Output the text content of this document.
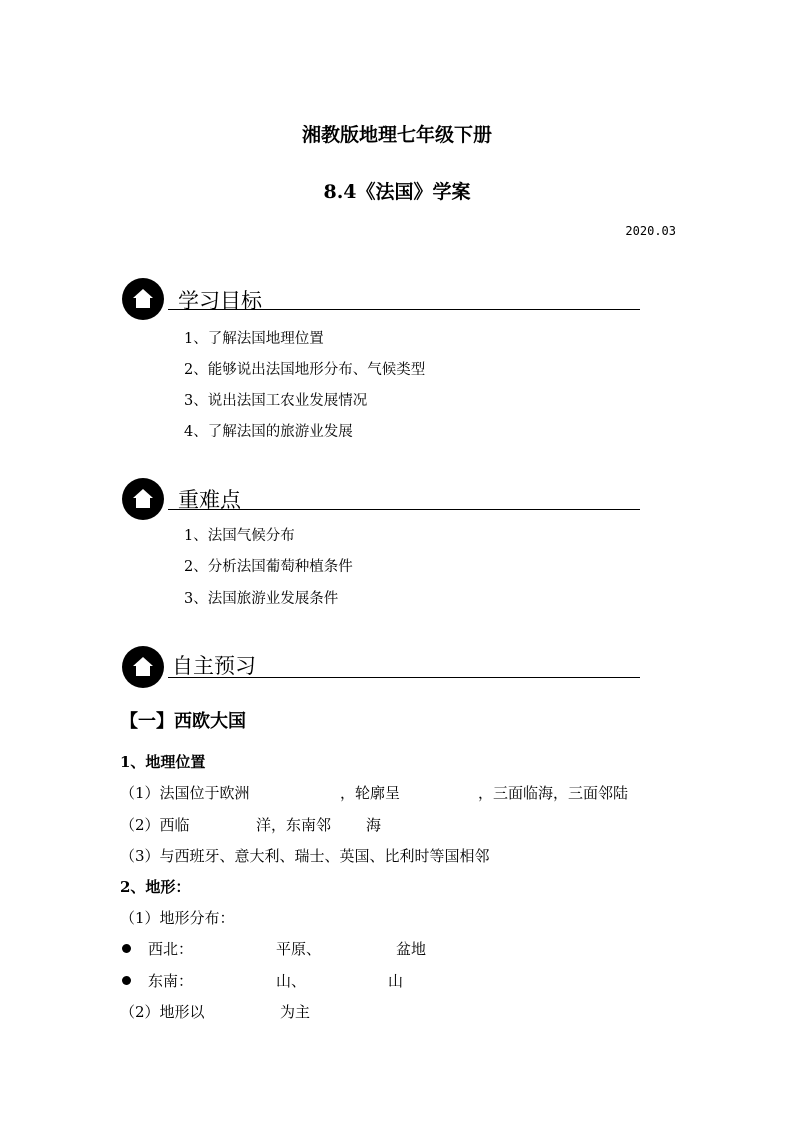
湘教版地理七年级下册
8.4《法国》学案
2020.03
学习目标
1、了解法国地理位置
2、能够说出法国地形分布、气候类型
3、说出法国工农业发展情况
4、了解法国的旅游业发展
重难点
1、法国气候分布
2、分析法国葡萄种植条件
3、法国旅游业发展条件
自主预习
【一】西欧大国
1、地理位置
（1）法国位于欧洲	，轮廓呈	，三面临海，三面邻陆
（2）西临	洋，东南邻 海
（3）与西班牙、意大利、瑞士、英国、比利时等国相邻
2、地形：
（1）地形分布：
西北：	平原、	盆地
东南：	山、	山
（2）地形以	为主
